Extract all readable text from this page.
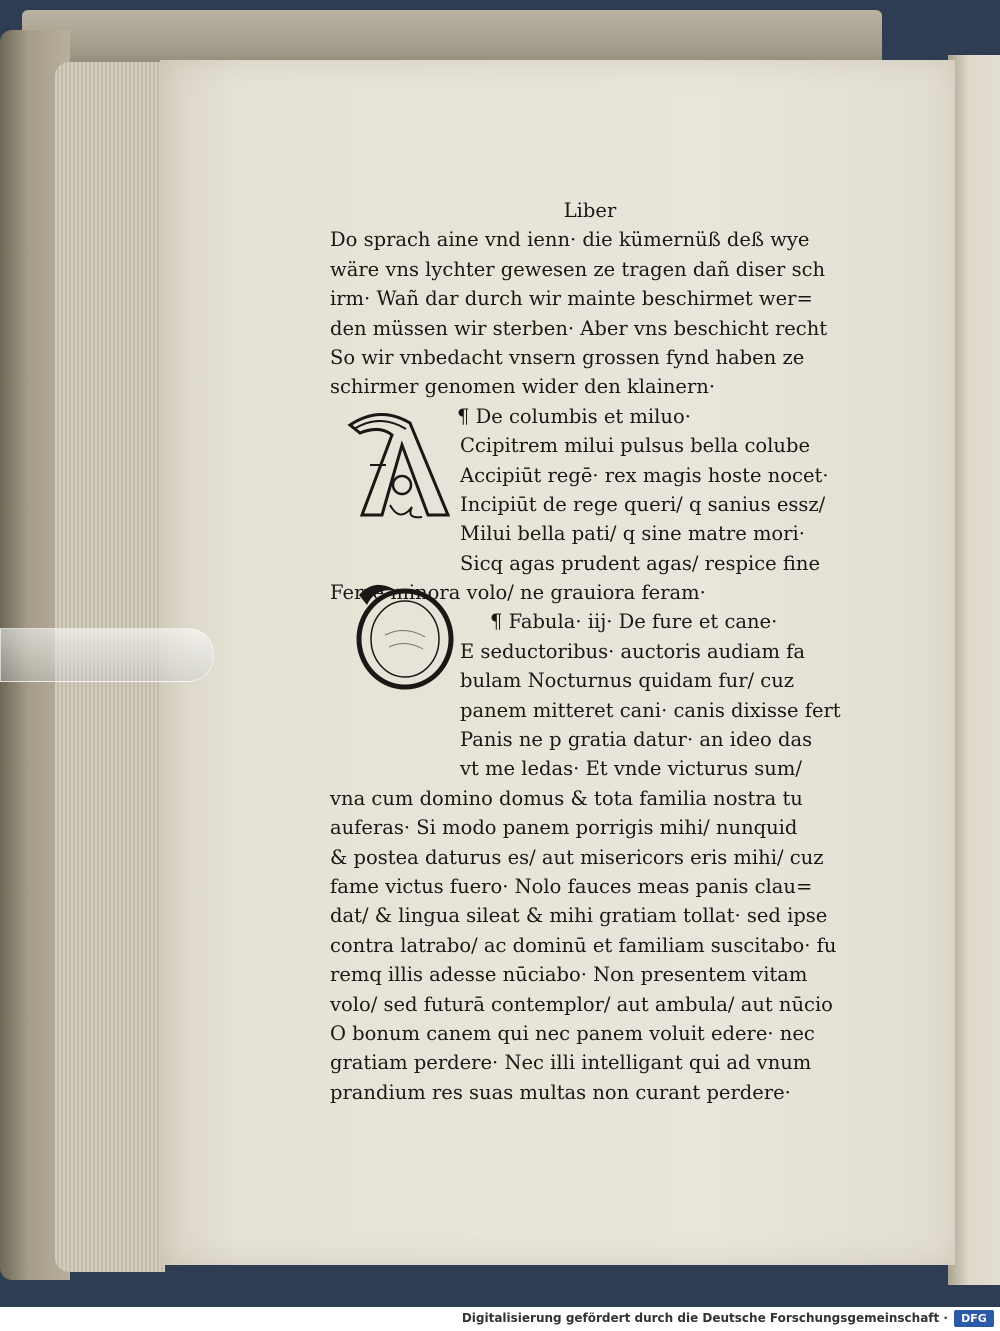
Liber
Do sprach aine vnd ienn· die kümernüß deß wye
wäre vns lychter gewesen ze tragen dañ diser sch
irm· Wañ dar durch wir mainte beschirmet wer=
den müssen wir sterben· Aber vns beschicht recht
So wir vnbedacht vnsern grossen fynd haben ze
schirmer genomen wider den klainern·
¶ De columbis et miluo·
Ccipitrem milui pulsus bella colube
Accipiūt regē· rex magis hoste nocet·
Incipiūt de rege queri/ q sanius essz/
Milui bella pati/ q sine matre mori·
Sicq agas prudent agas/ respice fine
Ferre minora volo/ ne grauiora feram·
¶ Fabula· iij· De fure et cane·
E seductoribus· auctoris audiam fa
bulam Nocturnus quidam fur/ cuz
panem mitteret cani· canis dixisse fert
Panis ne p gratia datur· an ideo das
vt me ledas· Et vnde victurus sum/
vna cum domino domus & tota familia nostra tu
auferas· Si modo panem porrigis mihi/ nunquid
& postea daturus es/ aut misericors eris mihi/ cuz
fame victus fuero· Nolo fauces meas panis clau=
dat/ & lingua sileat & mihi gratiam tollat· sed ipse
contra latrabo/ ac dominū et familiam suscitabo· fu
remq illis adesse nūciabo· Non presentem vitam
volo/ sed futurā contemplor/ aut ambula/ aut nūcio
O bonum canem qui nec panem voluit edere· nec
gratiam perdere· Nec illi intelligant qui ad vnum
prandium res suas multas non curant perdere·
Digitalisierung gefördert durch die Deutsche Forschungsgemeinschaft ·	DFG
